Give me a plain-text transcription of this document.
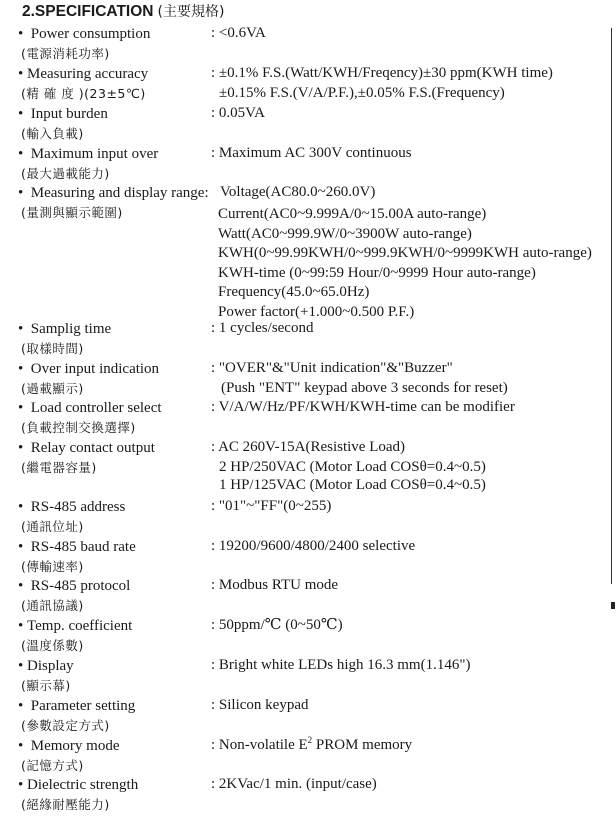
2.SPECIFICATION (主要規格)
• Power consumption
(電源消耗功率)
: <0.6VA
• Measuring accuracy
(精 確 度 )(23±5℃)
: ±0.1% F.S.(Watt/KWH/Freqency)±30 ppm(KWH time)
±0.15% F.S.(V/A/P.F.),±0.05% F.S.(Frequency)
• Input burden
(輸入負載)
: 0.05VA
• Maximum input over
(最大過載能力)
: Maximum AC 300V continuous
• Measuring and display range:
(量測與顯示範圍)
Voltage(AC80.0~260.0V)
Current(AC0~9.999A/0~15.00A auto-range)
Watt(AC0~999.9W/0~3900W auto-range)
KWH(0~99.99KWH/0~999.9KWH/0~9999KWH auto-range)
KWH-time (0~99:59 Hour/0~9999 Hour auto-range)
Frequency(45.0~65.0Hz)
Power factor(+1.000~0.500 P.F.)
• Samplig time
(取樣時間)
: 1 cycles/second
• Over input indication
(過載顯示)
: "OVER"&"Unit indication"&"Buzzer"
(Push "ENT" keypad above 3 seconds for reset)
• Load controller select
(負載控制交換選擇)
: V/A/W/Hz/PF/KWH/KWH-time can be modifier
• Relay contact output
(繼電器容量)
: AC 260V-15A(Resistive Load)
2 HP/250VAC (Motor Load COSθ=0.4~0.5)
1 HP/125VAC (Motor Load COSθ=0.4~0.5)
• RS-485 address
(通訊位址)
: "01"~"FF"(0~255)
• RS-485 baud rate
(傳輸速率)
: 19200/9600/4800/2400 selective
• RS-485 protocol
(通訊協議)
: Modbus RTU mode
• Temp. coefficient
(溫度係數)
: 50ppm/℃ (0~50℃)
• Display
(顯示幕)
: Bright white LEDs high 16.3 mm(1.146")
• Parameter setting
(參數設定方式)
: Silicon keypad
• Memory mode
(記憶方式)
: Non-volatile $E^2$ PROM memory
• Dielectric strength
(絕緣耐壓能力)
: 2KVac/1 min. (input/case)
